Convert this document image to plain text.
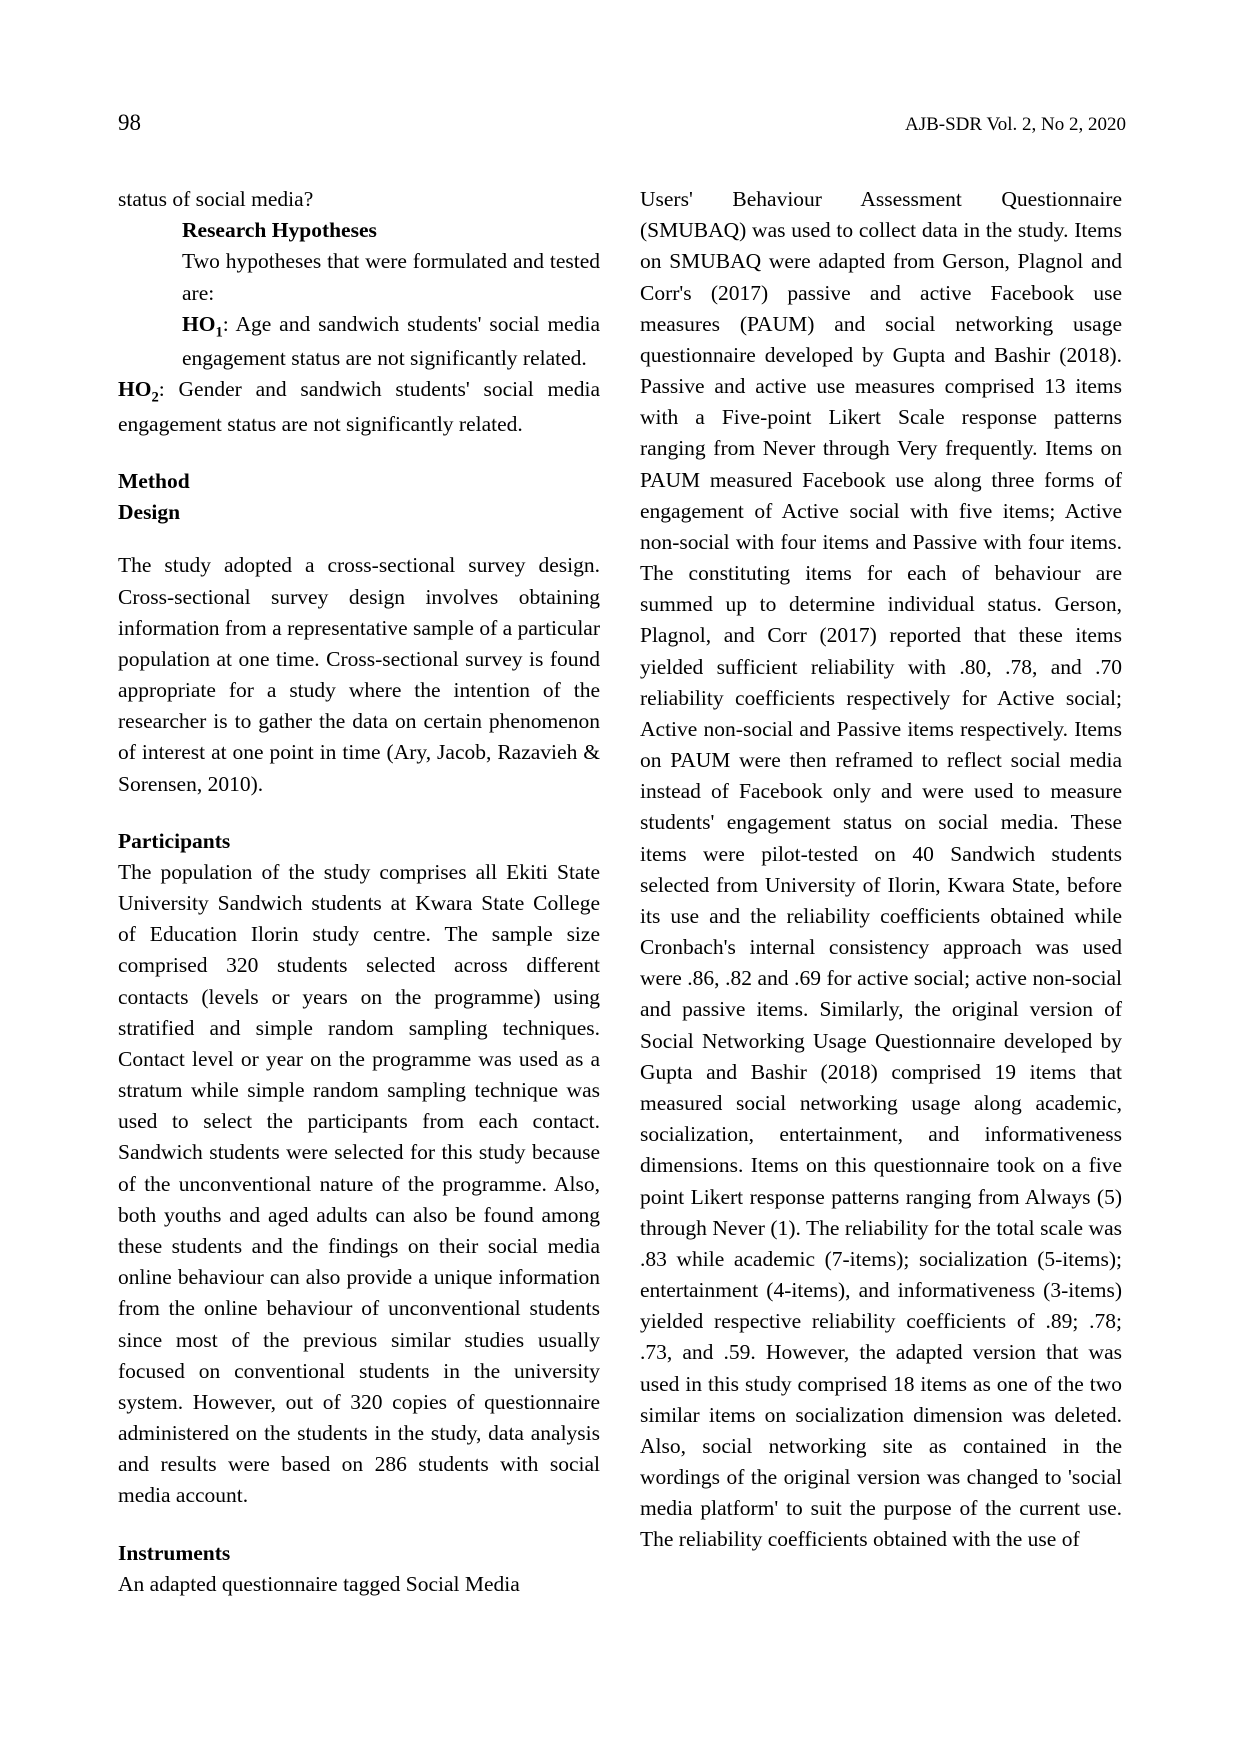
98	AJB-SDR Vol. 2, No 2, 2020

status of social media?

Research Hypotheses

Two hypotheses that were formulated and tested are:

$HO_1$: Age and sandwich students' social media engagement status are not significantly related.

$HO_2$: Gender and sandwich students' social media engagement status are not significantly related.

Method

Design

The study adopted a cross-sectional survey design. Cross-sectional survey design involves obtaining information from a representative sample of a particular population at one time. Cross-sectional survey is found appropriate for a study where the intention of the researcher is to gather the data on certain phenomenon of interest at one point in time (Ary, Jacob, Razavieh & Sorensen, 2010).

Participants

The population of the study comprises all Ekiti State University Sandwich students at Kwara State College of Education Ilorin study centre. The sample size comprised 320 students selected across different contacts (levels or years on the programme) using stratified and simple random sampling techniques. Contact level or year on the programme was used as a stratum while simple random sampling technique was used to select the participants from each contact. Sandwich students were selected for this study because of the unconventional nature of the programme. Also, both youths and aged adults can also be found among these students and the findings on their social media online behaviour can also provide a unique information from the online behaviour of unconventional students since most of the previous similar studies usually focused on conventional students in the university system. However, out of 320 copies of questionnaire administered on the students in the study, data analysis and results were based on 286 students with social media account.

Instruments

An adapted questionnaire tagged Social Media

Users' Behaviour Assessment Questionnaire (SMUBAQ) was used to collect data in the study. Items on SMUBAQ were adapted from Gerson, Plagnol and Corr's (2017) passive and active Facebook use measures (PAUM) and social networking usage questionnaire developed by Gupta and Bashir (2018). Passive and active use measures comprised 13 items with a Five-point Likert Scale response patterns ranging from Never through Very frequently. Items on PAUM measured Facebook use along three forms of engagement of Active social with five items; Active non-social with four items and Passive with four items. The constituting items for each of behaviour are summed up to determine individual status. Gerson, Plagnol, and Corr (2017) reported that these items yielded sufficient reliability with .80, .78, and .70 reliability coefficients respectively for Active social; Active non-social and Passive items respectively. Items on PAUM were then reframed to reflect social media instead of Facebook only and were used to measure students' engagement status on social media. These items were pilot-tested on 40 Sandwich students selected from University of Ilorin, Kwara State, before its use and the reliability coefficients obtained while Cronbach's internal consistency approach was used were .86, .82 and .69 for active social; active non-social and passive items. Similarly, the original version of Social Networking Usage Questionnaire developed by Gupta and Bashir (2018) comprised 19 items that measured social networking usage along academic, socialization, entertainment, and informativeness dimensions. Items on this questionnaire took on a five point Likert response patterns ranging from Always (5) through Never (1). The reliability for the total scale was .83 while academic (7-items); socialization (5-items); entertainment (4-items), and informativeness (3-items) yielded respective reliability coefficients of .89; .78; .73, and .59. However, the adapted version that was used in this study comprised 18 items as one of the two similar items on socialization dimension was deleted. Also, social networking site as contained in the wordings of the original version was changed to 'social media platform' to suit the purpose of the current use. The reliability coefficients obtained with the use of
